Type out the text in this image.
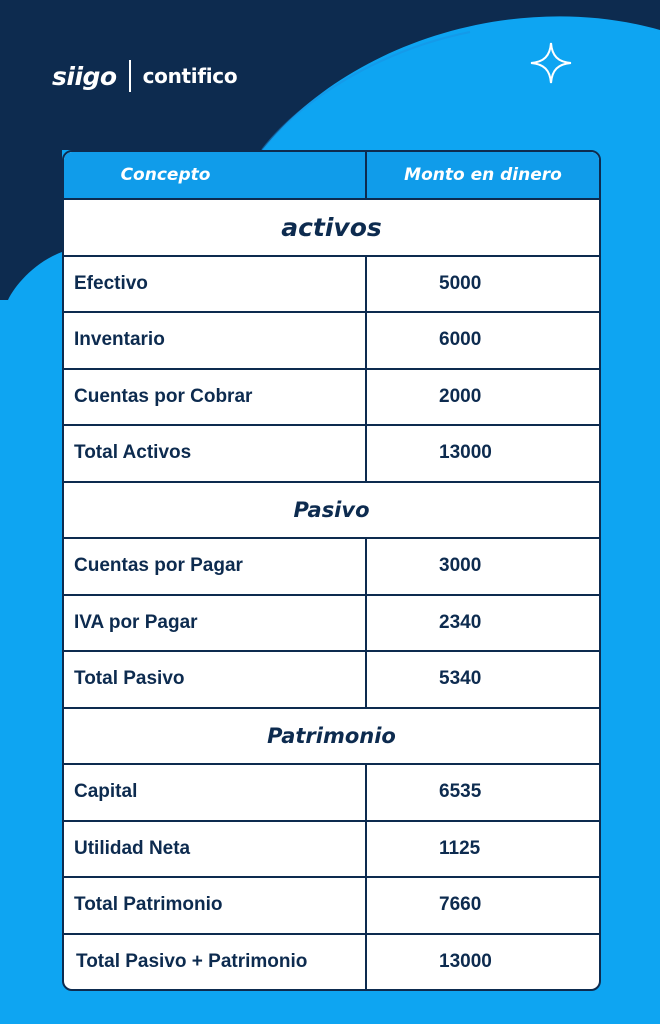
siigo contifico
Concepto	Monto en dinero
activos
Efectivo	5000
Inventario	6000
Cuentas por Cobrar	2000
Total Activos	13000
Pasivo
Cuentas por Pagar	3000
IVA por Pagar	2340
Total Pasivo	5340
Patrimonio
Capital	6535
Utilidad Neta	1125
Total Patrimonio	7660
Total Pasivo + Patrimonio	13000
